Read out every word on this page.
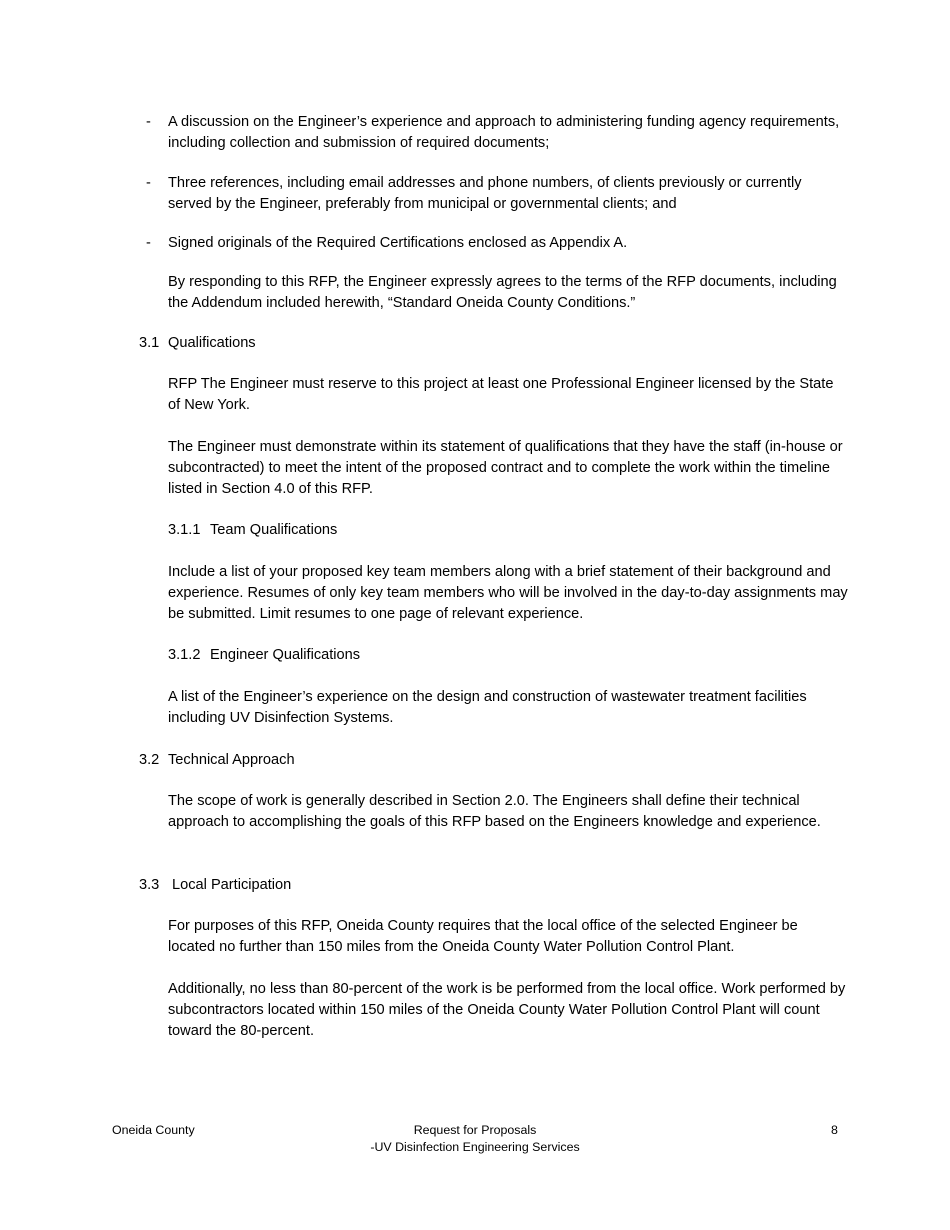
- A discussion on the Engineer’s experience and approach to administering funding agency requirements, including collection and submission of required documents;

- Three references, including email addresses and phone numbers, of clients previously or currently served by the Engineer, preferably from municipal or governmental clients; and

- Signed originals of the Required Certifications enclosed as Appendix A.

By responding to this RFP, the Engineer expressly agrees to the terms of the RFP documents, including the Addendum included herewith, “Standard Oneida County Conditions.”

3.1 Qualifications

RFP The Engineer must reserve to this project at least one Professional Engineer licensed by the State of New York.

The Engineer must demonstrate within its statement of qualifications that they have the staff (in-house or subcontracted) to meet the intent of the proposed contract and to complete the work within the timeline listed in Section 4.0 of this RFP.

3.1.1 Team Qualifications

Include a list of your proposed key team members along with a brief statement of their background and experience. Resumes of only key team members who will be involved in the day-to-day assignments may be submitted. Limit resumes to one page of relevant experience.

3.1.2 Engineer Qualifications

A list of the Engineer’s experience on the design and construction of wastewater treatment facilities including UV Disinfection Systems.

3.2 Technical Approach

The scope of work is generally described in Section 2.0. The Engineers shall define their technical approach to accomplishing the goals of this RFP based on the Engineers knowledge and experience.

3.3 Local Participation

For purposes of this RFP, Oneida County requires that the local office of the selected Engineer be located no further than 150 miles from the Oneida County Water Pollution Control Plant.

Additionally, no less than 80-percent of the work is be performed from the local office. Work performed by subcontractors located within 150 miles of the Oneida County Water Pollution Control Plant will count toward the 80-percent.

Oneida County	Request for Proposals
-UV Disinfection Engineering Services
8
